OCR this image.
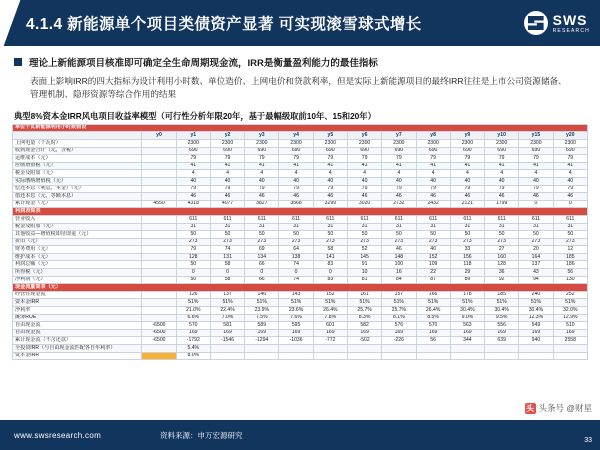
4.1.4 新能源单个项目类债资产显著 可实现滚雪球式增长	SWS
RESEARCH
理论上新能源项目核准即可确定全生命周期现金流，IRR是衡量盈利能力的最佳指标
表面上影响IRR的四大指标为设计利用小时数、单位造价、上网电价和贷款利率，但是实际上新能源项目的最终IRR往往是上市公司资源储备、管理机制、隐形资源等综合作用的结果
典型8%资本金IRR风电项目收益率模型（可行性分析年限20年，基于最幅级取前10年、15和20年）
单位千瓦新能源利用小时数假设													
	y0	y1	y2	y3	y4	y5	y6	y7	y8	y9	y10	y15	y20
上网电量（千瓦时）		2300	2300	2300	2300	2300	2300	2300	2300	2300	2300	2300	2300
收到现金合计（元，含税）		690	690	690	690	690	690	690	690	690	690	690	690
运维成本（元）		79	79	79	79	79	79	79	79	79	79	79	79
应缴增值税（元）		41	41	41	41	41	41	41	41	41	41	41	41
税金及附加（元）		4	4	4	4	4	4	4	4	4	4	4	4
实际缴纳增值税（元）		40	40	40	40	40	40	40	40	40	40	40	40
偿还本息（利息、本金）（元）		79	79	79	79	79	79	79	79	79	79	79	79
借还本息（元，等额本息）		46	46	46	46	46	46	46	46	46	46	46	46
累计现金（元）	4550	4318	4077	3827	3568	3299	3020	2732	2432	2121	1799	0	0
利润表简表													
营业收入		611	611	611	611	611	611	611	611	611	611	611	611
税金及附加（元）		31	31	31	31	31	31	31	31	31	31	31	31
其他收益—增值税即征即退（元）		50	50	50	50	50	50	50	50	50	50	50	50
折旧（元）		273	273	273	273	273	273	273	273	273	273	273	273
财务费用（元）		79	74	69	64	58	52	46	40	33	27	20	12
维护成本（元）		128	131	134	138	141	145	148	152	156	160	164	185
利润总额（元）		50	58	66	74	83	91	100	109	118	128	137	186
所得税（元）		0	0	0	0	0	10	16	22	29	36	43	56
净利润（元）		50	58	66	74	83	81	84	87	89	92	94	130
现金流量简表（元）													
经营性现金流		126	137	146	143	152	161	157	166	178	185	240	252
资本金IRR		51%	51%	51%	51%	51%	51%	51%	51%	51%	51%	51%	51%
净利率		21.0%	22.4%	23.9%	23.6%	26.4%	25.7%	25.7%	26.4%	30.4%	30.4%	30.4%	32.0%
摊薄ROE		6.6%	7.0%	7.5%	7.6%	7.8%	8.3%	8.1%	8.5%	9.0%	9.5%	12.3%	12.9%
自由现金流	-6500	570	581	589	595	601	582	576	570	563	556	549	510
自由现金流	-6500	169	169	169	169	169	169	169	169	169	169	169	169
累计现金流（不含还款）	-6500	-1792	-1546	-1294	-1036	-772	-502	-226	56	344	639	940	2558
全投资IRR（与自由现金流匹配各自年利率）		5.4%											
资本金IRR		8.0%											
头 头条号 @财星
www.swsresearch.com	资料来源：申万宏源研究
33
